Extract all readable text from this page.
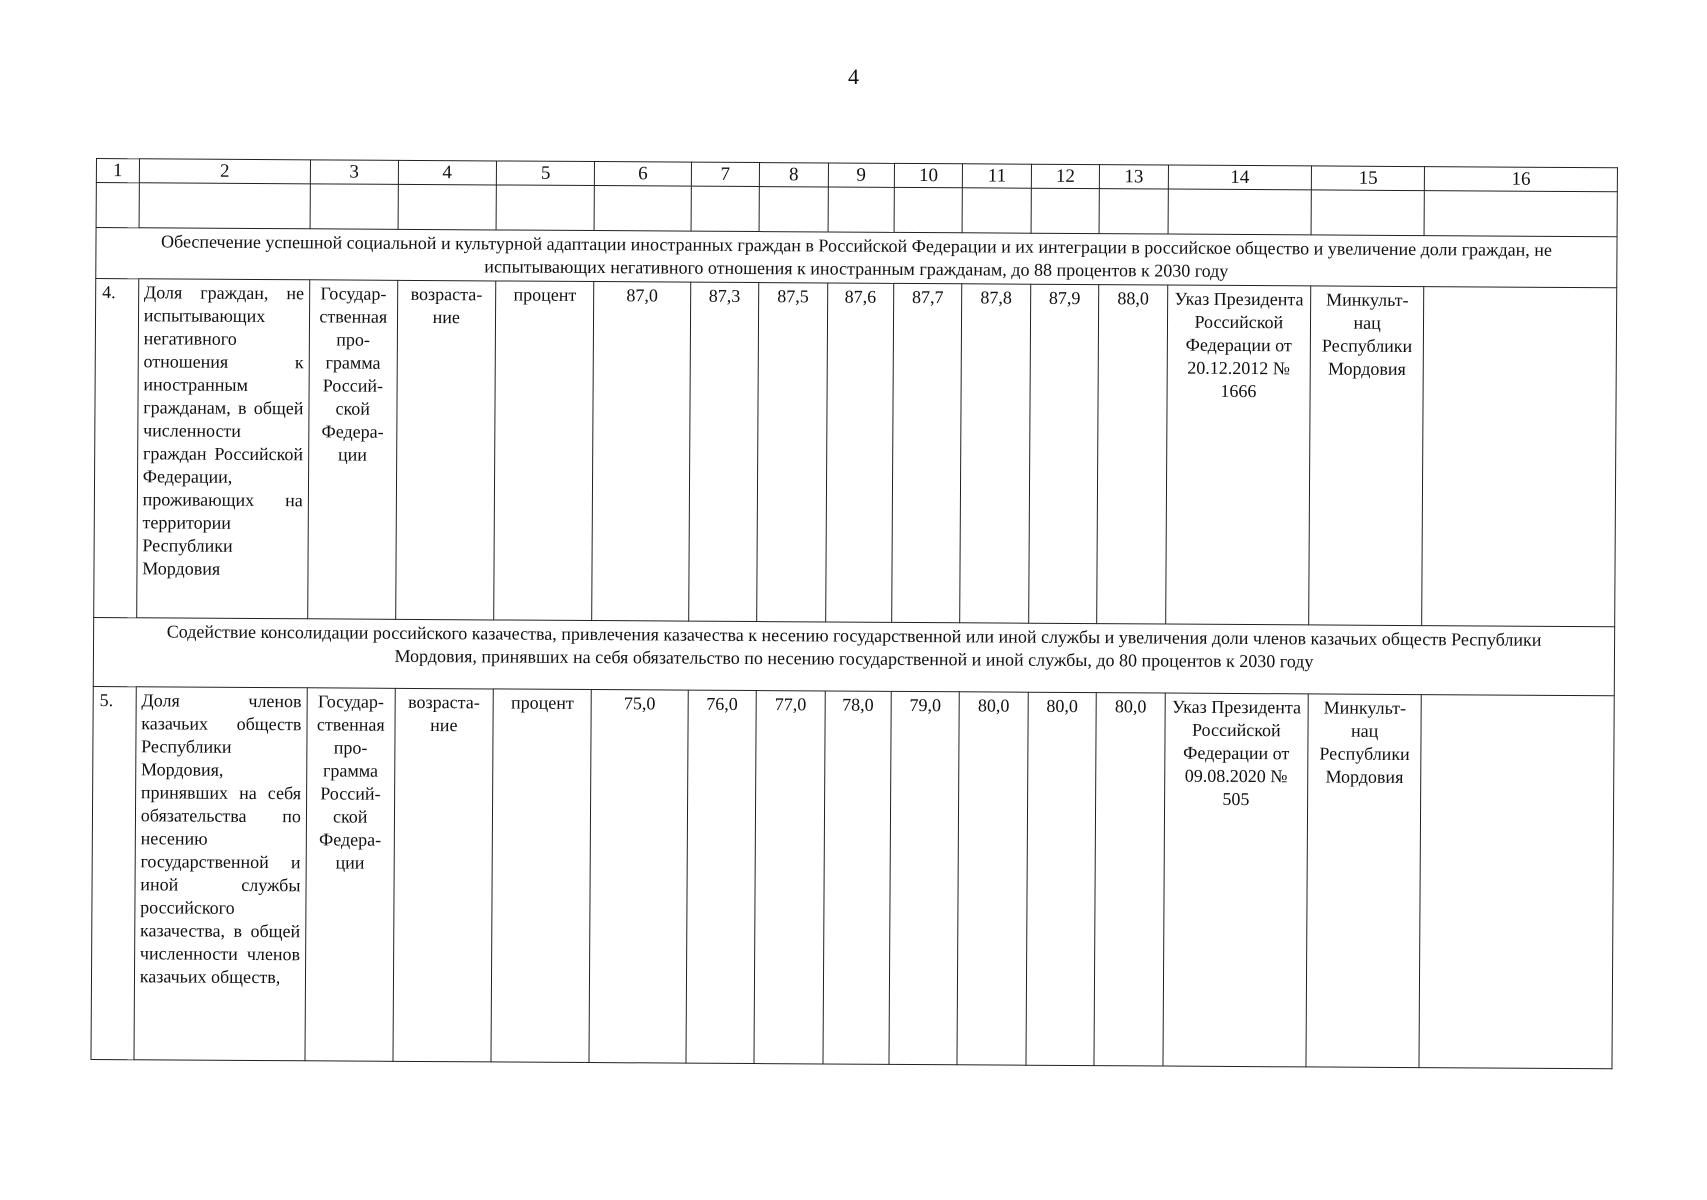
4
1	2	3	4	5	6	7	8	9	10	11	12	13	14	15	16

Обеспечение успешной социальной и культурной адаптации иностранных граждан в Российской Федерации и их интеграции в российское общество и увеличение доли граждан, не испытывающих негативного отношения к иностранным гражданам, до 88 процентов к 2030 году															
4.	Доля граждан, не испытывающих негативного отношения к иностранным гражданам, в общей численности граждан Российской Федерации, проживающих на территории Республики Мордовия	Государ-ственная про-грамма Россий-ской Федера-ции	возраста-ние	процент	87,0	87,3	87,5	87,6	87,7	87,8	87,9	88,0	Указ Президента Российской Федерации от 20.12.2012 № 1666	Минкульт-нац Республики Мордовия	
Содействие консолидации российского казачества, привлечения казачества к несению государственной или иной службы и увеличения доли членов казачьих обществ Республики Мордовия, принявших на себя обязательство по несению государственной и иной службы, до 80 процентов к 2030 году															
5.	Доля членов казачьих обществ Республики Мордовия, принявших на себя обязательства по несению государственной и иной службы российского казачества, в общей численности членов казачьих обществ,	Государ-ственная про-грамма Россий-ской Федера-ции	возраста-ние	процент	75,0	76,0	77,0	78,0	79,0	80,0	80,0	80,0	Указ Президента Российской Федерации от 09.08.2020 № 505	Минкульт-нац Республики Мордовия	
